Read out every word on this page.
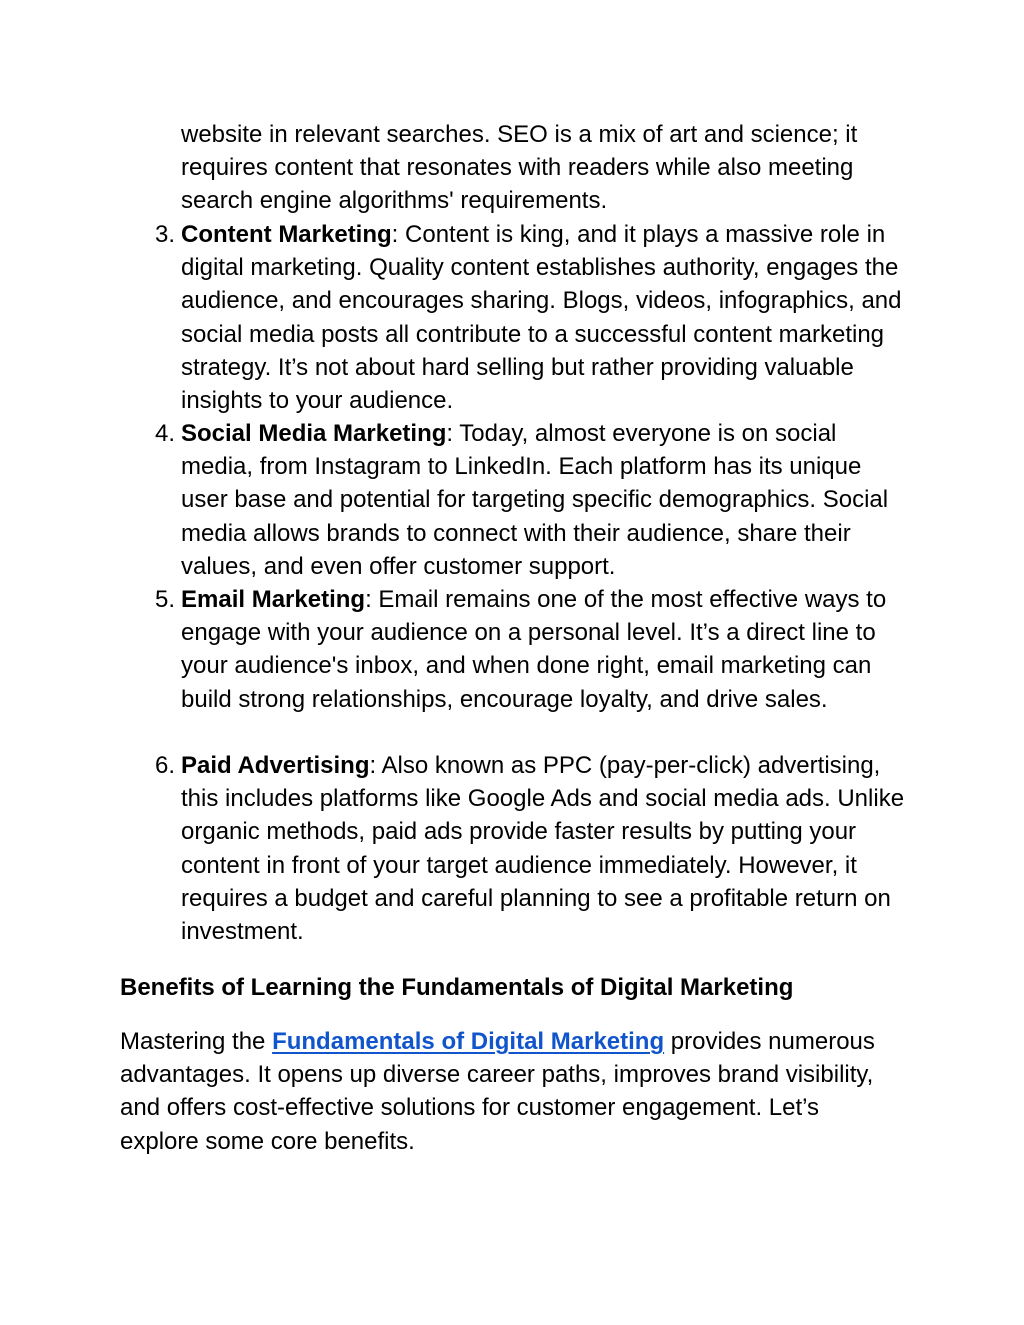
website in relevant searches. SEO is a mix of art and science; it requires content that resonates with readers while also meeting search engine algorithms' requirements.
3. Content Marketing: Content is king, and it plays a massive role in digital marketing. Quality content establishes authority, engages the audience, and encourages sharing. Blogs, videos, infographics, and social media posts all contribute to a successful content marketing strategy. It’s not about hard selling but rather providing valuable insights to your audience.
4. Social Media Marketing: Today, almost everyone is on social media, from Instagram to LinkedIn. Each platform has its unique user base and potential for targeting specific demographics. Social media allows brands to connect with their audience, share their values, and even offer customer support.
5. Email Marketing: Email remains one of the most effective ways to engage with your audience on a personal level. It’s a direct line to your audience's inbox, and when done right, email marketing can build strong relationships, encourage loyalty, and drive sales.
6. Paid Advertising: Also known as PPC (pay-per-click) advertising, this includes platforms like Google Ads and social media ads. Unlike organic methods, paid ads provide faster results by putting your content in front of your target audience immediately. However, it requires a budget and careful planning to see a profitable return on investment.
Benefits of Learning the Fundamentals of Digital Marketing
Mastering the Fundamentals of Digital Marketing provides numerous advantages. It opens up diverse career paths, improves brand visibility, and offers cost-effective solutions for customer engagement. Let’s explore some core benefits.
